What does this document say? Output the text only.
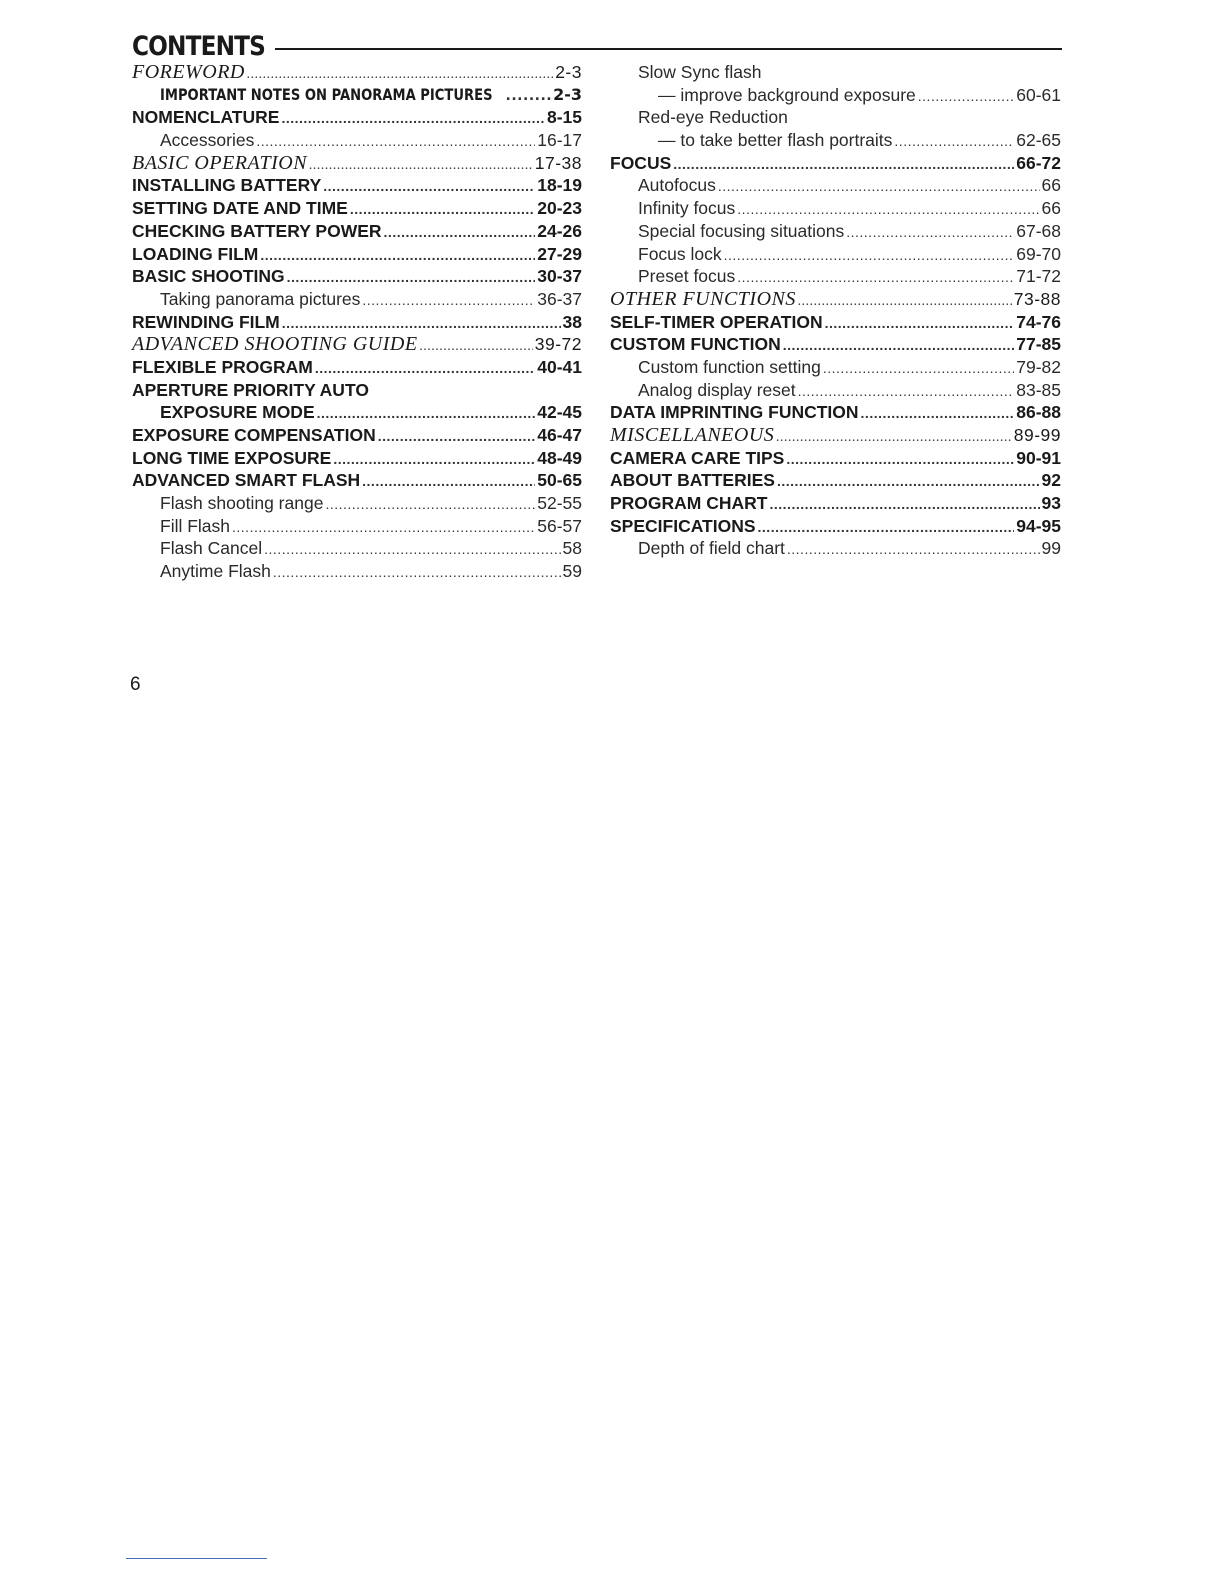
CONTENTS
FOREWORD .....	2-3
IMPORTANT NOTES ON PANORAMA PICTURES .....	2-3
NOMENCLATURE .....	8-15
Accessories .....	16-17
BASIC OPERATION .....	17-38
INSTALLING BATTERY .....	18-19
SETTING DATE AND TIME .....	20-23
CHECKING BATTERY POWER .....	24-26
LOADING FILM .....	27-29
BASIC SHOOTING .....	30-37
Taking panorama pictures .....	36-37
REWINDING FILM .....	38
ADVANCED SHOOTING GUIDE .....	39-72
FLEXIBLE PROGRAM .....	40-41
APERTURE PRIORITY AUTO
EXPOSURE MODE .....	42-45
EXPOSURE COMPENSATION .....	46-47
LONG TIME EXPOSURE .....	48-49
ADVANCED SMART FLASH .....	50-65
Flash shooting range .....	52-55
Fill Flash .....	56-57
Flash Cancel .....	58
Anytime Flash .....	59
Slow Sync flash
— improve background exposure .....	60-61
Red-eye Reduction
— to take better flash portraits .....	62-65
FOCUS .....	66-72
Autofocus .....	66
Infinity focus .....	66
Special focusing situations .....	67-68
Focus lock .....	69-70
Preset focus .....	71-72
OTHER FUNCTIONS .....	73-88
SELF-TIMER OPERATION .....	74-76
CUSTOM FUNCTION .....	77-85
Custom function setting .....	79-82
Analog display reset .....	83-85
DATA IMPRINTING FUNCTION .....	86-88
MISCELLANEOUS .....	89-99
CAMERA CARE TIPS .....	90-91
ABOUT BATTERIES .....	92
PROGRAM CHART .....	93
SPECIFICATIONS .....	94-95
Depth of field chart .....	99
6
